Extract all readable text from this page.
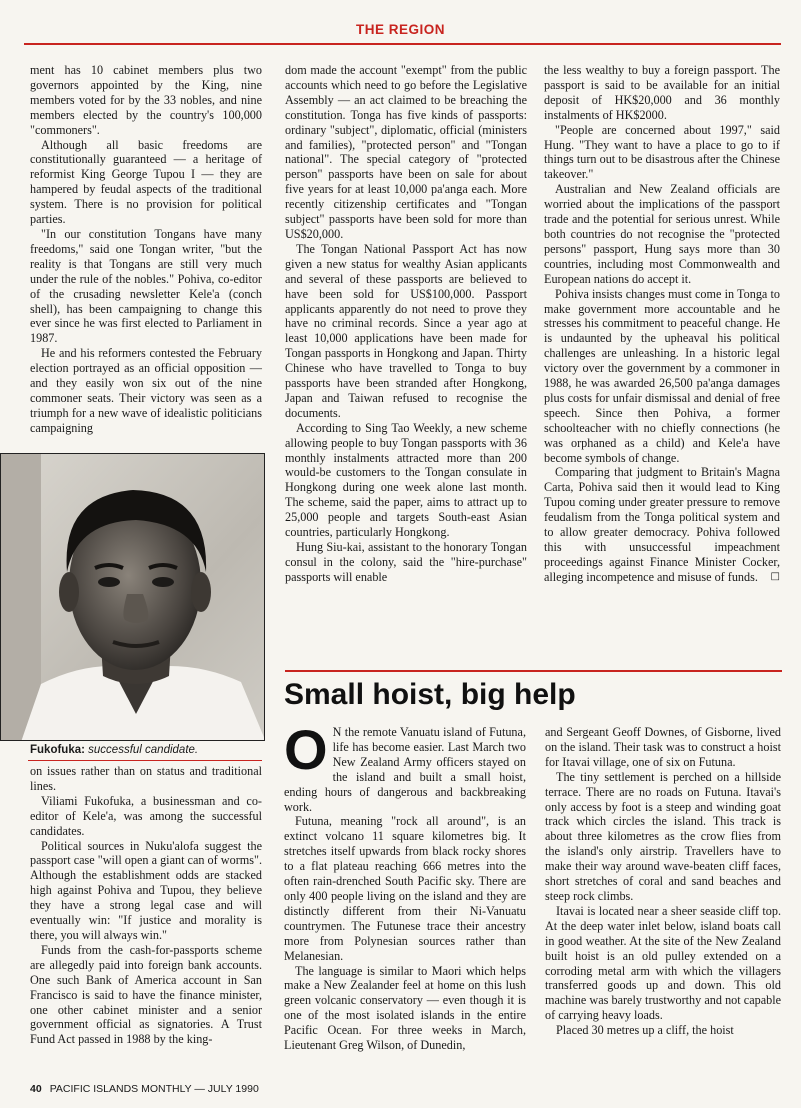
THE REGION

ment has 10 cabinet members plus two governors appointed by the King, nine members voted for by the 33 nobles, and nine members elected by the country's 100,000 "commoners".

Although all basic freedoms are constitutionally guaranteed — a heritage of reformist King George Tupou I — they are hampered by feudal aspects of the traditional system. There is no provision for political parties.

"In our constitution Tongans have many freedoms," said one Tongan writer, "but the reality is that Tongans are still very much under the rule of the nobles." Pohiva, co-editor of the crusading newsletter Kele'a (conch shell), has been campaigning to change this ever since he was first elected to Parliament in 1987.

He and his reformers contested the February election portrayed as an official opposition — and they easily won six out of the nine commoner seats. Their victory was seen as a triumph for a new wave of idealistic politicians campaigning

Fukofuka: successful candidate.

on issues rather than on status and traditional lines.

Viliami Fukofuka, a businessman and co-editor of Kele'a, was among the successful candidates.

Political sources in Nuku'alofa suggest the passport case "will open a giant can of worms". Although the establishment odds are stacked high against Pohiva and Tupou, they believe they have a strong legal case and will eventually win: "If justice and morality is there, you will always win."

Funds from the cash-for-passports scheme are allegedly paid into foreign bank accounts. One such Bank of America account in San Francisco is said to have the finance minister, one other cabinet minister and a senior government official as signatories. A Trust Fund Act passed in 1988 by the king-

dom made the account "exempt" from the public accounts which need to go before the Legislative Assembly — an act claimed to be breaching the constitution. Tonga has five kinds of passports: ordinary "subject", diplomatic, official (ministers and families), "protected person" and "Tongan national". The special category of "protected person" passports have been on sale for about five years for at least 10,000 pa'anga each. More recently citizenship certificates and "Tongan subject" passports have been sold for more than US$20,000.

The Tongan National Passport Act has now given a new status for wealthy Asian applicants and several of these passports are believed to have been sold for US$100,000. Passport applicants apparently do not need to prove they have no criminal records. Since a year ago at least 10,000 applications have been made for Tongan passports in Hongkong and Japan. Thirty Chinese who have travelled to Tonga to buy passports have been stranded after Hongkong, Japan and Taiwan refused to recognise the documents.

According to Sing Tao Weekly, a new scheme allowing people to buy Tongan passports with 36 monthly instalments attracted more than 200 would-be customers to the Tongan consulate in Hongkong during one week alone last month. The scheme, said the paper, aims to attract up to 25,000 people and targets South-east Asian countries, particularly Hongkong.

Hung Siu-kai, assistant to the honorary Tongan consul in the colony, said the "hire-purchase" passports will enable

the less wealthy to buy a foreign passport. The passport is said to be available for an initial deposit of HK$20,000 and 36 monthly instalments of HK$2000.

"People are concerned about 1997," said Hung. "They want to have a place to go to if things turn out to be disastrous after the Chinese takeover."

Australian and New Zealand officials are worried about the implications of the passport trade and the potential for serious unrest. While both countries do not recognise the "protected persons" passport, Hung says more than 30 countries, including most Commonwealth and European nations do accept it.

Pohiva insists changes must come in Tonga to make government more accountable and he stresses his commitment to peaceful change. He is undaunted by the upheaval his political challenges are unleashing. In a historic legal victory over the government by a commoner in 1988, he was awarded 26,500 pa'anga damages plus costs for unfair dismissal and denial of free speech. Since then Pohiva, a former schoolteacher with no chiefly connections (he was orphaned as a child) and Kele'a have become symbols of change.

Comparing that judgment to Britain's Magna Carta, Pohiva said then it would lead to King Tupou coming under greater pressure to remove feudalism from the Tonga political system and to allow greater democracy. Pohiva followed this with unsuccessful impeachment proceedings against Finance Minister Cocker, alleging incompetence and misuse of funds.	□

Small hoist, big help

O N the remote Vanuatu island of Futuna, life has become easier. Last March two New Zealand Army officers stayed on the island and built a small hoist, ending hours of dangerous and backbreaking work.

Futuna, meaning "rock all around", is an extinct volcano 11 square kilometres big. It stretches itself upwards from black rocky shores to a flat plateau reaching 666 metres into the often rain-drenched South Pacific sky. There are only 400 people living on the island and they are distinctly different from their Ni-Vanuatu countrymen. The Futunese trace their ancestry more from Polynesian sources rather than Melanesian.

The language is similar to Maori which helps make a New Zealander feel at home on this lush green volcanic conservatory — even though it is one of the most isolated islands in the entire Pacific Ocean. For three weeks in March, Lieutenant Greg Wilson, of Dunedin,

and Sergeant Geoff Downes, of Gisborne, lived on the island. Their task was to construct a hoist for Itavai village, one of six on Futuna.

The tiny settlement is perched on a hillside terrace. There are no roads on Futuna. Itavai's only access by foot is a steep and winding goat track which circles the island. This track is about three kilometres as the crow flies from the island's only airstrip. Travellers have to make their way around wave-beaten cliff faces, short stretches of coral and sand beaches and steep rock climbs.

Itavai is located near a sheer seaside cliff top. At the deep water inlet below, island boats call in good weather. At the site of the New Zealand built hoist is an old pulley extended on a corroding metal arm with which the villagers transferred goods up and down. This old machine was barely trustworthy and not capable of carrying heavy loads.

Placed 30 metres up a cliff, the hoist

40 PACIFIC ISLANDS MONTHLY — JULY 1990
